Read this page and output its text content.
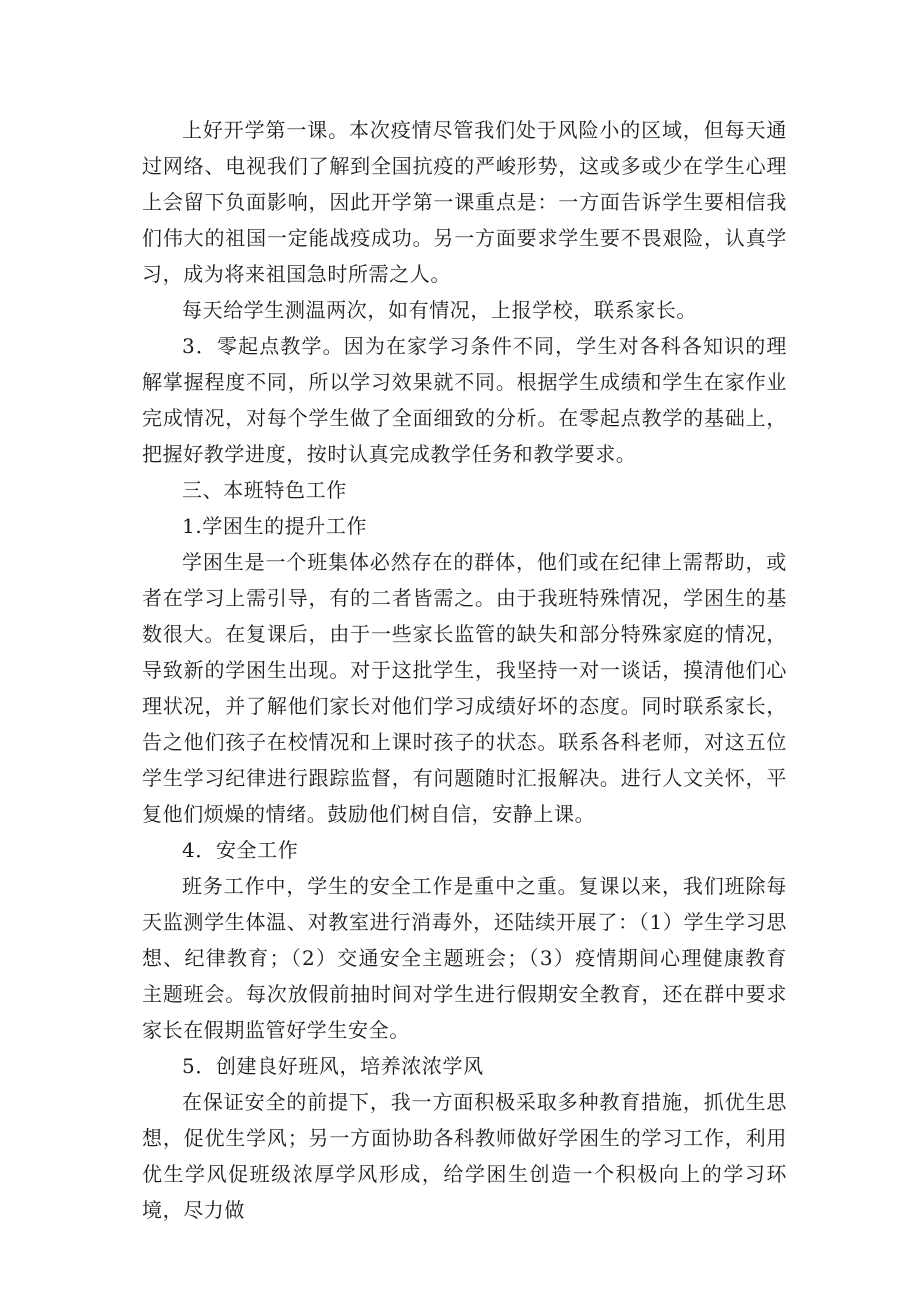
上好开学第一课。本次疫情尽管我们处于风险小的区域，但每天通过网络、电视我们了解到全国抗疫的严峻形势，这或多或少在学生心理上会留下负面影响，因此开学第一课重点是：一方面告诉学生要相信我们伟大的祖国一定能战疫成功。另一方面要求学生要不畏艰险，认真学习，成为将来祖国急时所需之人。

每天给学生测温两次，如有情况，上报学校，联系家长。

3．零起点教学。因为在家学习条件不同，学生对各科各知识的理解掌握程度不同，所以学习效果就不同。根据学生成绩和学生在家作业完成情况，对每个学生做了全面细致的分析。在零起点教学的基础上，把握好教学进度，按时认真完成教学任务和教学要求。

三、本班特色工作

1.学困生的提升工作

学困生是一个班集体必然存在的群体，他们或在纪律上需帮助，或者在学习上需引导，有的二者皆需之。由于我班特殊情况，学困生的基数很大。在复课后，由于一些家长监管的缺失和部分特殊家庭的情况，导致新的学困生出现。对于这批学生，我坚持一对一谈话，摸清他们心理状况，并了解他们家长对他们学习成绩好坏的态度。同时联系家长，告之他们孩子在校情况和上课时孩子的状态。联系各科老师，对这五位学生学习纪律进行跟踪监督，有问题随时汇报解决。进行人文关怀，平复他们烦燥的情绪。鼓励他们树自信，安静上课。

4．安全工作

班务工作中，学生的安全工作是重中之重。复课以来，我们班除每天监测学生体温、对教室进行消毒外，还陆续开展了：（1）学生学习思想、纪律教育；（2）交通安全主题班会；（3）疫情期间心理健康教育主题班会。每次放假前抽时间对学生进行假期安全教育，还在群中要求家长在假期监管好学生安全。

5．创建良好班风，培养浓浓学风

在保证安全的前提下，我一方面积极采取多种教育措施，抓优生思想，促优生学风；另一方面协助各科教师做好学困生的学习工作，利用优生学风促班级浓厚学风形成，给学困生创造一个积极向上的学习环境，尽力做
